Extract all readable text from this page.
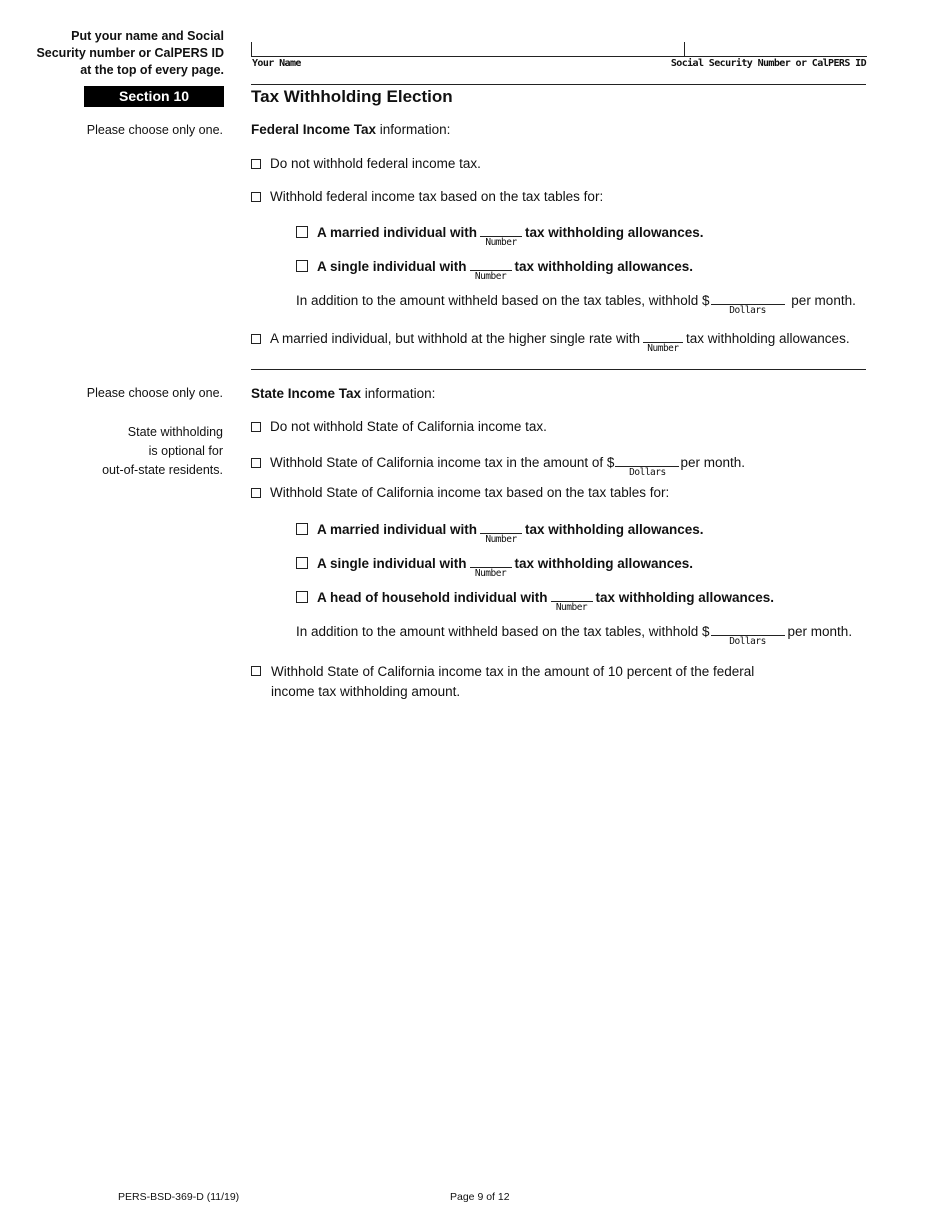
Put your name and Social Security number or CalPERS ID at the top of every page.	Your Name	Social Security Number or CalPERS ID
Section 10	Tax Withholding Election
Please choose only one. Federal Income Tax information:
Do not withhold federal income tax.
Withhold federal income tax based on the tax tables for:
A married individual with
Number
tax withholding allowances.
A single individual with
Number
tax withholding allowances.
In addition to the amount withheld based on the tax tables, withhold $
Dollars
per month.
A married individual, but withhold at the higher single rate with
Number
tax withholding allowances.
Please choose only one.
State withholding
is optional for
out-of-state residents.
State Income Tax information:
Do not withhold State of California income tax.
Withhold State of California income tax in the amount of $
Dollars
per month.
Withhold State of California income tax based on the tax tables for:
A married individual with
Number
tax withholding allowances.
A single individual with
Number
tax withholding allowances.
A head of household individual with
Number
tax withholding allowances.
In addition to the amount withheld based on the tax tables, withhold $
Dollars
per month.
Withhold State of California income tax in the amount of 10 percent of the federal income tax withholding amount.
PERS-BSD-369-D (11/19)	Page 9 of 12
